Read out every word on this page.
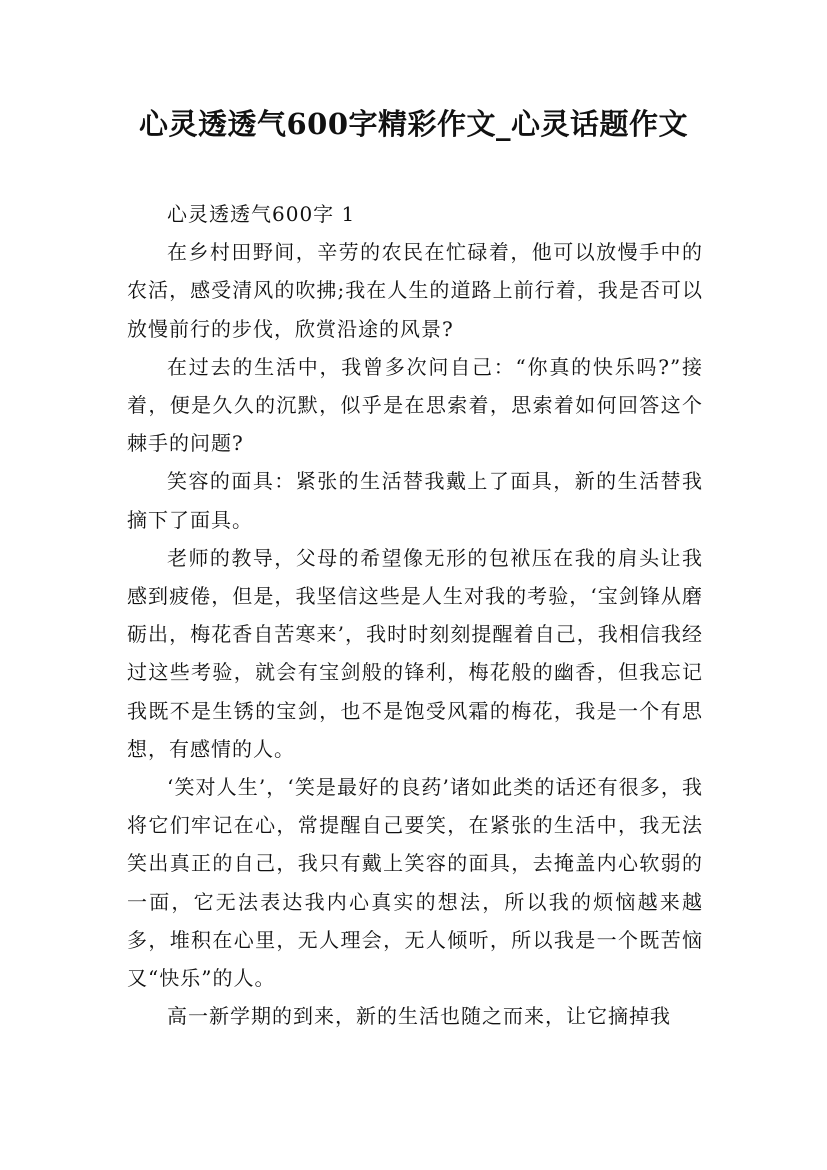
心灵透透气600字精彩作文_心灵话题作文

心灵透透气600字 1

在乡村田野间，辛劳的农民在忙碌着，他可以放慢手中的农活，感受清风的吹拂;我在人生的道路上前行着，我是否可以放慢前行的步伐，欣赏沿途的风景?

在过去的生活中，我曾多次问自己：“你真的快乐吗?”接着，便是久久的沉默，似乎是在思索着，思索着如何回答这个棘手的问题?

笑容的面具：紧张的生活替我戴上了面具，新的生活替我摘下了面具。

老师的教导，父母的希望像无形的包袱压在我的肩头让我感到疲倦，但是，我坚信这些是人生对我的考验，‘宝剑锋从磨砺出，梅花香自苦寒来’，我时时刻刻提醒着自己，我相信我经过这些考验，就会有宝剑般的锋利，梅花般的幽香，但我忘记我既不是生锈的宝剑，也不是饱受风霜的梅花，我是一个有思想，有感情的人。

‘笑对人生’，‘笑是最好的良药’诸如此类的话还有很多，我将它们牢记在心，常提醒自己要笑，在紧张的生活中，我无法笑出真正的自己，我只有戴上笑容的面具，去掩盖内心软弱的一面，它无法表达我内心真实的想法，所以我的烦恼越来越多，堆积在心里，无人理会，无人倾听，所以我是一个既苦恼又“快乐”的人。

高一新学期的到来，新的生活也随之而来，让它摘掉我
